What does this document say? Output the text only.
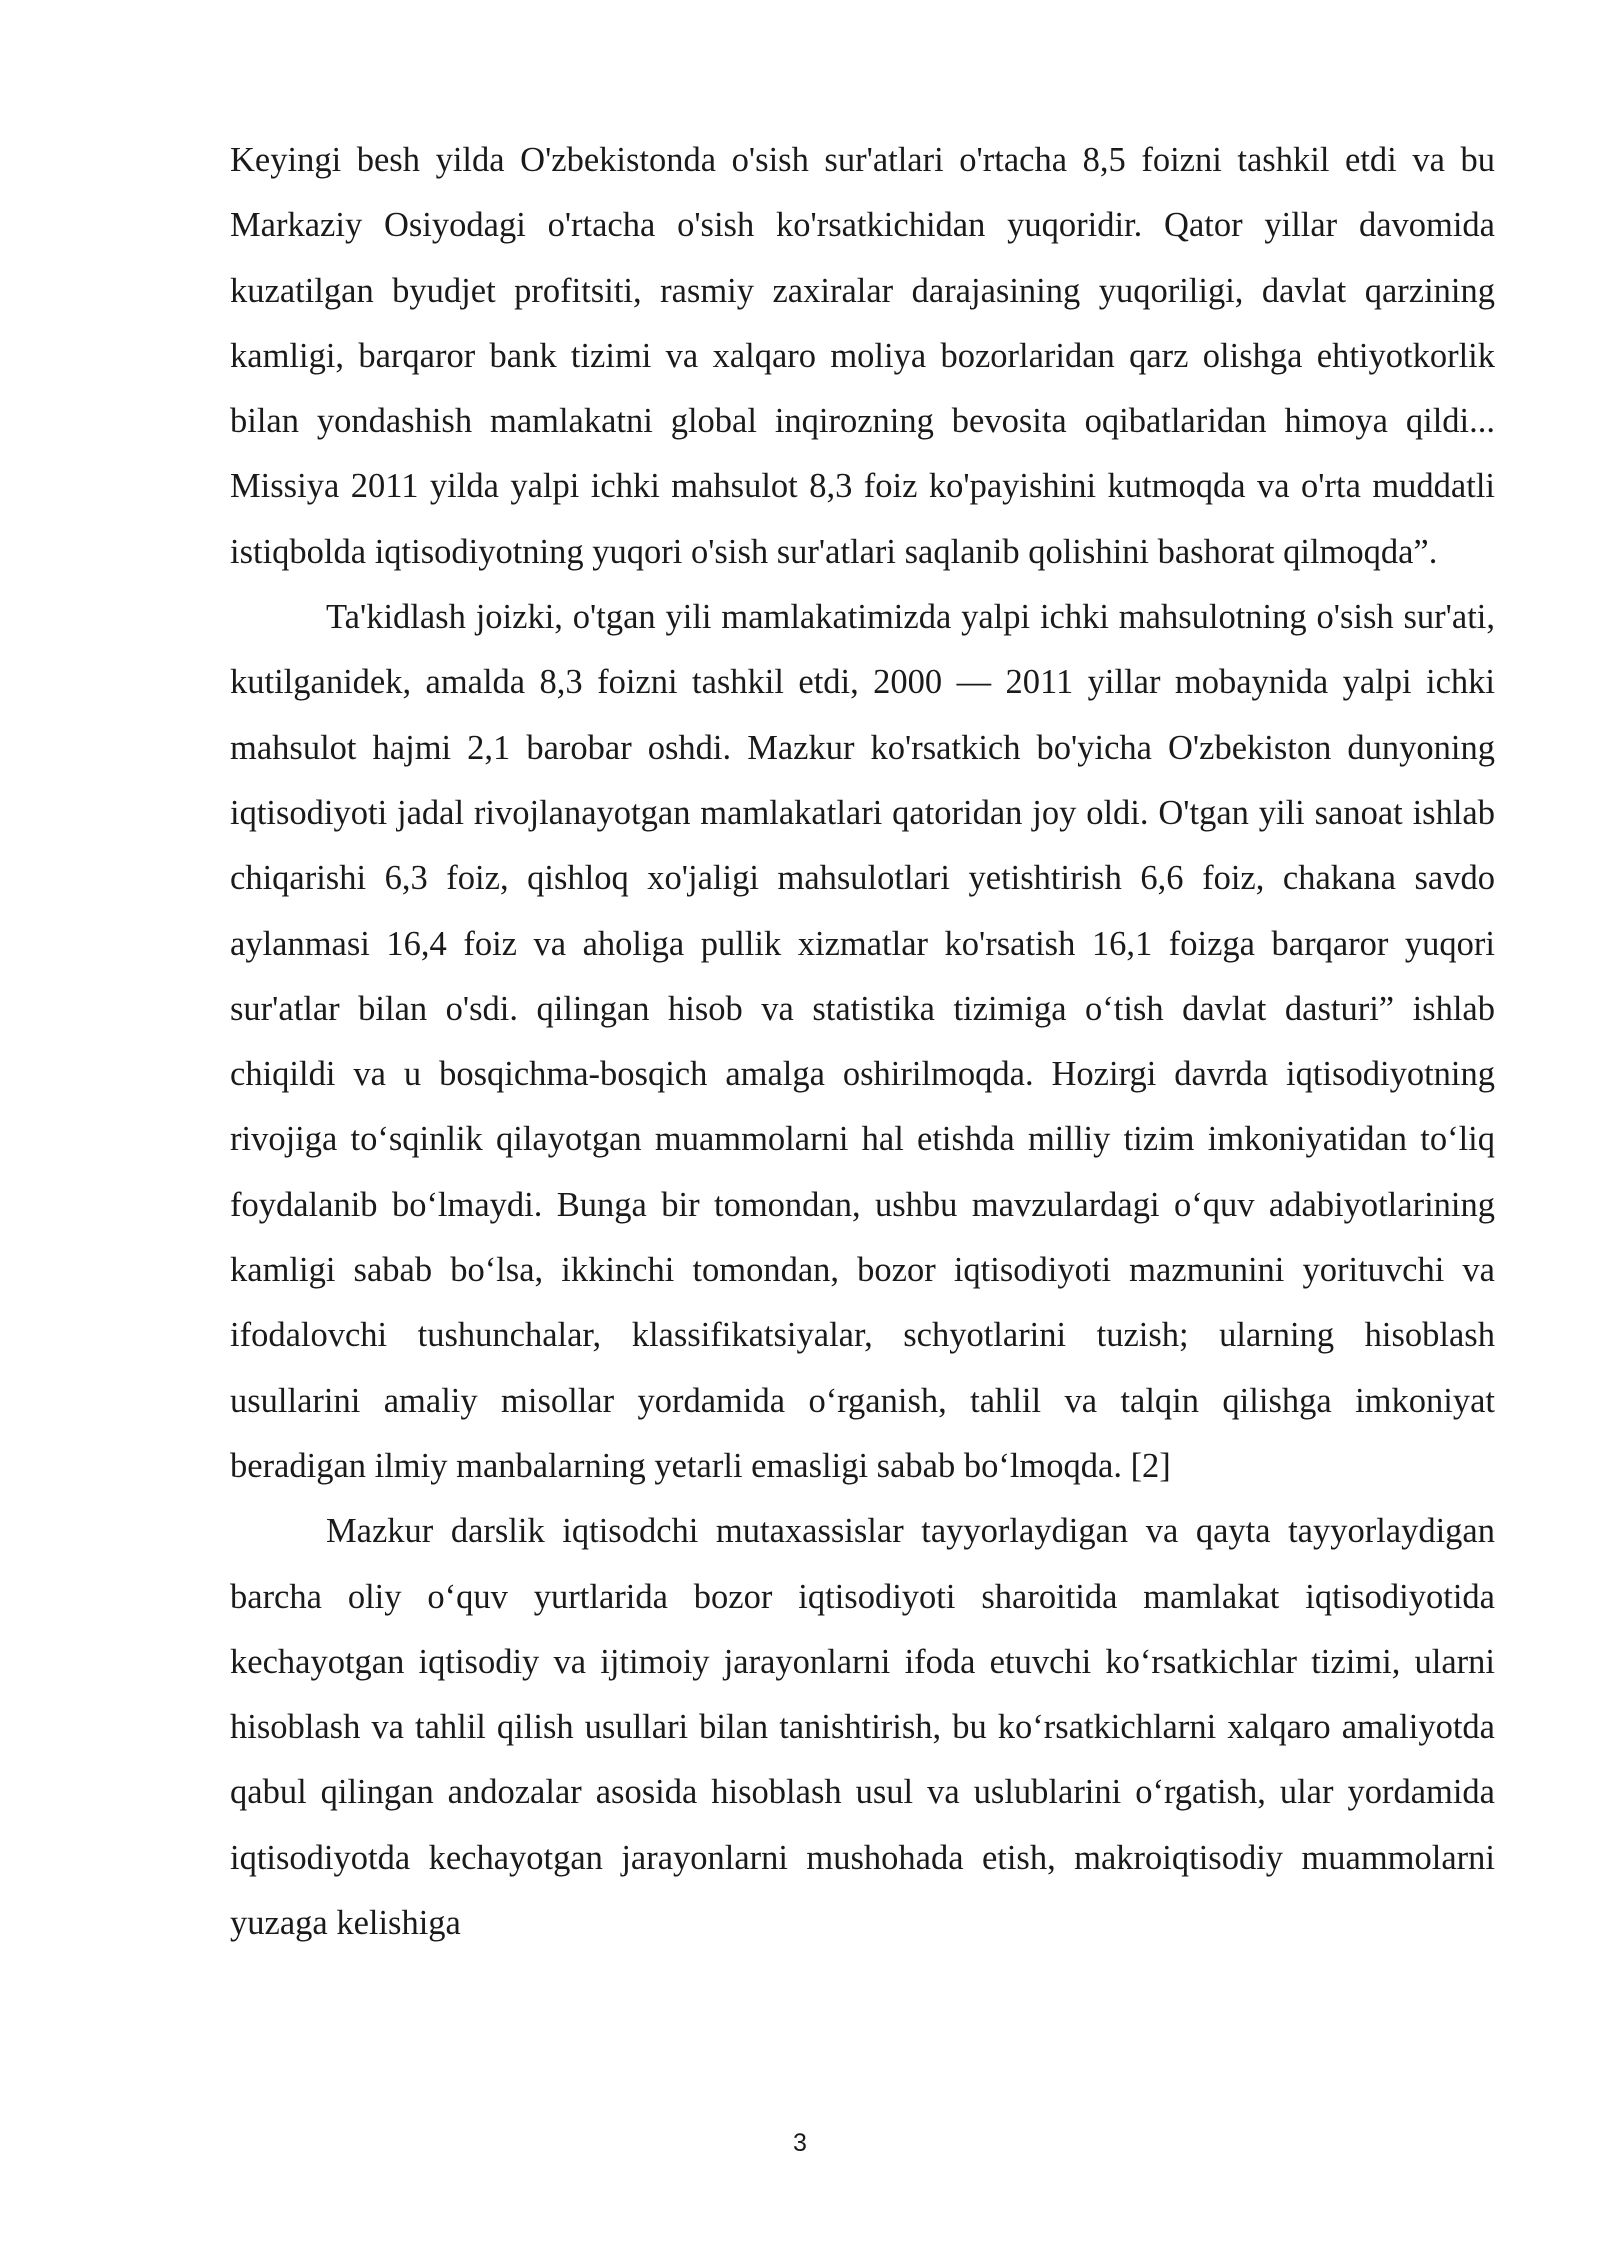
Keyingi besh yilda O'zbekistonda o'sish sur'atlari o'rtacha 8,5 foizni tashkil etdi va bu Markaziy Osiyodagi o'rtacha o'sish ko'rsatkichidan yuqoridir. Qator yillar davomida kuzatilgan byudjet profitsiti, rasmiy zaxiralar darajasining yuqoriligi, davlat qarzining kamligi, barqaror bank tizimi va xalqaro moliya bozorlaridan qarz olishga ehtiyotkorlik bilan yondashish mamlakatni global inqirozning bevosita oqibatlaridan himoya qildi... Missiya 2011 yilda yalpi ichki mahsulot 8,3 foiz ko'payishini kutmoqda va o'rta muddatli istiqbolda iqtisodiyotning yuqori o'sish sur'atlari saqlanib qolishini bashorat qilmoqda”.

Ta'kidlash joizki, o'tgan yili mamlakatimizda yalpi ichki mahsulotning o'sish sur'ati, kutilganidek, amalda 8,3 foizni tashkil etdi, 2000 — 2011 yillar mobaynida yalpi ichki mahsulot hajmi 2,1 barobar oshdi. Mazkur ko'rsatkich bo'yicha O'zbekiston dunyoning iqtisodiyoti jadal rivojlanayotgan mamlakatlari qatoridan joy oldi. O'tgan yili sanoat ishlab chiqarishi 6,3 foiz, qishloq xo'jaligi mahsulotlari yetishtirish 6,6 foiz, chakana savdo aylanmasi 16,4 foiz va aholiga pullik xizmatlar ko'rsatish 16,1 foizga barqaror yuqori sur'atlar bilan o'sdi. qilingan hisob va statistika tizimiga o‘tish davlat dasturi” ishlab chiqildi va u bosqichma-bosqich amalga oshirilmoqda. Hozirgi davrda iqtisodiyotning rivojiga to‘sqinlik qilayotgan muammolarni hal etishda milliy tizim imkoniyatidan to‘liq foydalanib bo‘lmaydi. Bunga bir tomondan, ushbu mavzulardagi o‘quv adabiyotlarining kamligi sabab bo‘lsa, ikkinchi tomondan, bozor iqtisodiyoti mazmunini yorituvchi va ifodalovchi tushunchalar, klassifikatsiyalar, schyotlarini tuzish; ularning hisoblash usullarini amaliy misollar yordamida o‘rganish, tahlil va talqin qilishga imkoniyat beradigan ilmiy manbalarning yetarli emasligi sabab bo‘lmoqda. [2]

Mazkur darslik iqtisodchi mutaxassislar tayyorlaydigan va qayta tayyorlaydigan barcha oliy o‘quv yurtlarida bozor iqtisodiyoti sharoitida mamlakat iqtisodiyotida kechayotgan iqtisodiy va ijtimoiy jarayonlarni ifoda etuvchi ko‘rsatkichlar tizimi, ularni hisoblash va tahlil qilish usullari bilan tanishtirish, bu ko‘rsatkichlarni xalqaro amaliyotda qabul qilingan andozalar asosida hisoblash usul va uslublarini o‘rgatish, ular yordamida iqtisodiyotda kechayotgan jarayonlarni mushohada etish, makroiqtisodiy muammolarni yuzaga kelishiga

3
